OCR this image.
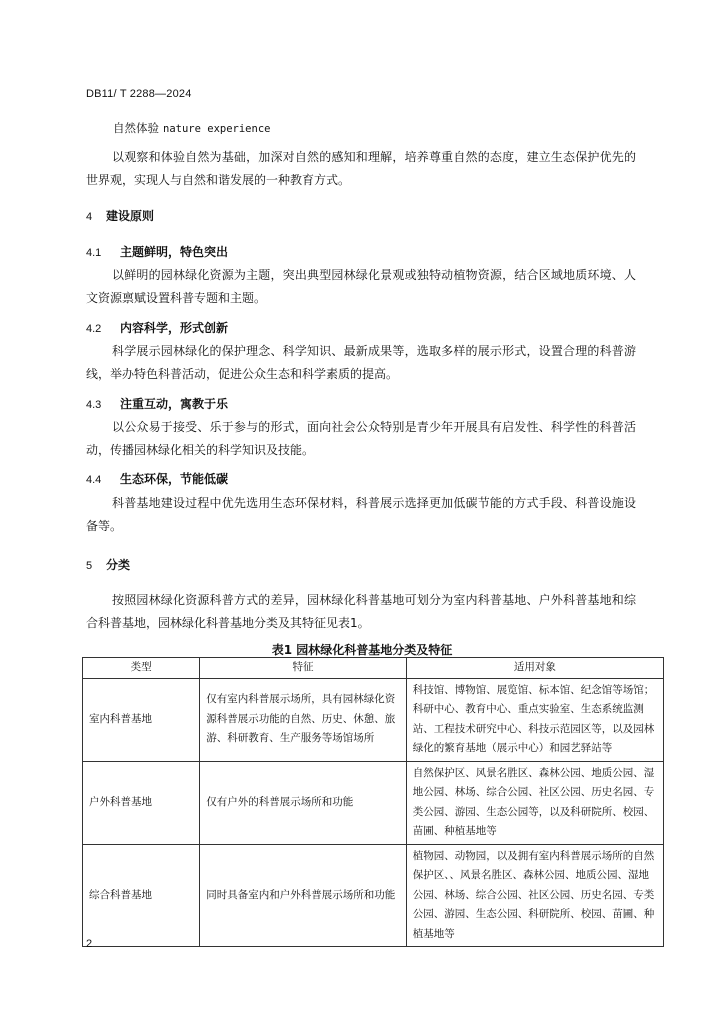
DB11/ T 2288—2024
自然体验 nature experience
以观察和体验自然为基础，加深对自然的感知和理解，培养尊重自然的态度，建立生态保护优先的世界观，实现人与自然和谐发展的一种教育方式。
4 建设原则
4.1 主题鲜明，特色突出
以鲜明的园林绿化资源为主题，突出典型园林绿化景观或独特动植物资源，结合区域地质环境、人文资源禀赋设置科普专题和主题。
4.2 内容科学，形式创新
科学展示园林绿化的保护理念、科学知识、最新成果等，选取多样的展示形式，设置合理的科普游线，举办特色科普活动，促进公众生态和科学素质的提高。
4.3 注重互动，寓教于乐
以公众易于接受、乐于参与的形式，面向社会公众特别是青少年开展具有启发性、科学性的科普活动，传播园林绿化相关的科学知识及技能。
4.4 生态环保，节能低碳
科普基地建设过程中优先选用生态环保材料，科普展示选择更加低碳节能的方式手段、科普设施设备等。
5 分类
按照园林绿化资源科普方式的差异，园林绿化科普基地可划分为室内科普基地、户外科普基地和综合科普基地，园林绿化科普基地分类及其特征见表1。
表1 园林绿化科普基地分类及特征
类型	特征	适用对象
室内科普基地	仅有室内科普展示场所，具有园林绿化资源科普展示功能的自然、历史、休憩、旅游、科研教育、生产服务等场馆场所	科技馆、博物馆、展览馆、标本馆、纪念馆等场馆；科研中心、教育中心、重点实验室、生态系统监测站、工程技术研究中心、科技示范园区等，以及园林绿化的繁育基地（展示中心）和园艺驿站等
户外科普基地	仅有户外的科普展示场所和功能	自然保护区、风景名胜区、森林公园、地质公园、湿地公园、林场、综合公园、社区公园、历史名园、专类公园、游园、生态公园等，以及科研院所、校园、苗圃、种植基地等
综合科普基地	同时具备室内和户外科普展示场所和功能	植物园、动物园，以及拥有室内科普展示场所的自然保护区、、风景名胜区、森林公园、地质公园、湿地公园、林场、综合公园、社区公园、历史名园、专类公园、游园、生态公园、科研院所、校园、苗圃、种植基地等
2
